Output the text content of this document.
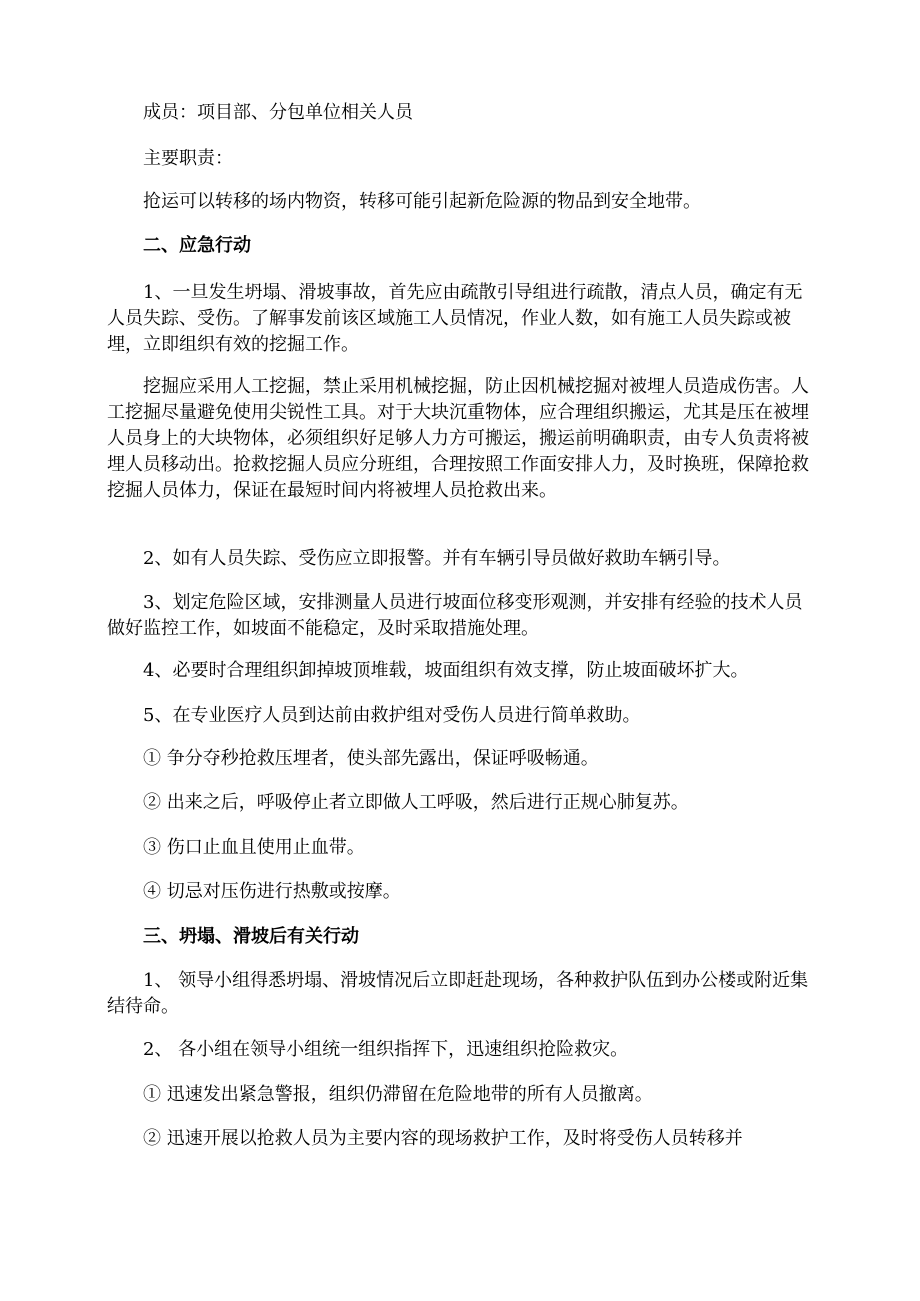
成员：项目部、分包单位相关人员

主要职责：

抢运可以转移的场内物资，转移可能引起新危险源的物品到安全地带。

二、应急行动

1、一旦发生坍塌、滑坡事故，首先应由疏散引导组进行疏散，清点人员，确定有无人员失踪、受伤。了解事发前该区域施工人员情况，作业人数，如有施工人员失踪或被埋，立即组织有效的挖掘工作。

挖掘应采用人工挖掘，禁止采用机械挖掘，防止因机械挖掘对被埋人员造成伤害。人工挖掘尽量避免使用尖锐性工具。对于大块沉重物体，应合理组织搬运，尤其是压在被埋人员身上的大块物体，必须组织好足够人力方可搬运，搬运前明确职责，由专人负责将被埋人员移动出。抢救挖掘人员应分班组，合理按照工作面安排人力，及时换班，保障抢救挖掘人员体力，保证在最短时间内将被埋人员抢救出来。

2、如有人员失踪、受伤应立即报警。并有车辆引导员做好救助车辆引导。

3、划定危险区域，安排测量人员进行坡面位移变形观测，并安排有经验的技术人员做好监控工作，如坡面不能稳定，及时采取措施处理。

4、必要时合理组织卸掉坡顶堆载，坡面组织有效支撑，防止坡面破坏扩大。

5、在专业医疗人员到达前由救护组对受伤人员进行简单救助。

① 争分夺秒抢救压埋者，使头部先露出，保证呼吸畅通。

② 出来之后，呼吸停止者立即做人工呼吸，然后进行正规心肺复苏。

③ 伤口止血且使用止血带。

④ 切忌对压伤进行热敷或按摩。

三、坍塌、滑坡后有关行动

1、 领导小组得悉坍塌、滑坡情况后立即赶赴现场，各种救护队伍到办公楼或附近集结待命。

2、 各小组在领导小组统一组织指挥下，迅速组织抢险救灾。

① 迅速发出紧急警报，组织仍滞留在危险地带的所有人员撤离。

② 迅速开展以抢救人员为主要内容的现场救护工作，及时将受伤人员转移并
